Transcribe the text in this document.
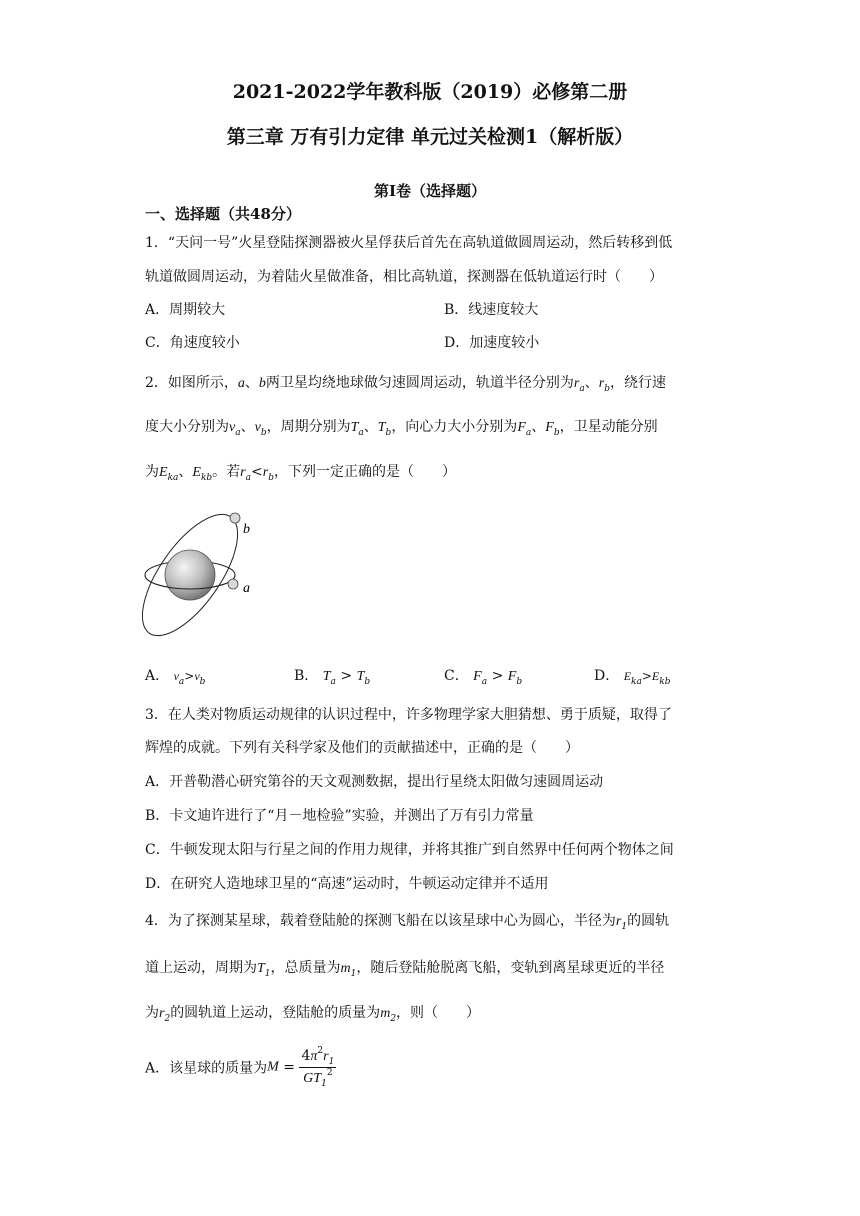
2021-2022学年教科版（2019）必修第二册
第三章 万有引力定律 单元过关检测1（解析版）
第Ⅰ卷（选择题）
一、选择题（共48分）
1．“天问一号”火星登陆探测器被火星俘获后首先在高轨道做圆周运动，然后转移到低
轨道做圆周运动，为着陆火星做准备，相比高轨道，探测器在低轨道运行时（　　）
A．周期较大	B．线速度较大
C．角速度较小	D．加速度较小
2．如图所示，a、b两卫星均绕地球做匀速圆周运动，轨道半径分别为$r_a$、$r_b$，绕行速
度大小分别为$v_a$、$v_b$，周期分别为$T_a$、$T_b$，向心力大小分别为$F_a$、$F_b$，卫星动能分别
为$E_{ka}$、$E_{kb}$。若$r_a<r_b$，下列一定正确的是（　　）
b
a
A． $v_a>v_b$	B． $T_a > T_b$	C． $F_a > F_b$	D． $E_{ka}>E_{kb}$
3．在人类对物质运动规律的认识过程中，许多物理学家大胆猜想、勇于质疑，取得了
辉煌的成就。下列有关科学家及他们的贡献描述中，正确的是（　　）
A．开普勒潜心研究第谷的天文观测数据，提出行星绕太阳做匀速圆周运动
B．卡文迪许进行了“月－地检验”实验，并测出了万有引力常量
C．牛顿发现太阳与行星之间的作用力规律，并将其推广到自然界中任何两个物体之间
D．在研究人造地球卫星的“高速”运动时，牛顿运动定律并不适用
4．为了探测某星球，载着登陆舱的探测飞船在以该星球中心为圆心，半径为$r_1$的圆轨
道上运动，周期为$T_1$，总质量为$m_1$，随后登陆舱脱离飞船，变轨到离星球更近的半径
为$r_2$的圆轨道上运动，登陆舱的质量为$m_2$，则（　　）
A．该星球的质量为$M = \frac{4\pi^2r_1}{GT_1^2}$
